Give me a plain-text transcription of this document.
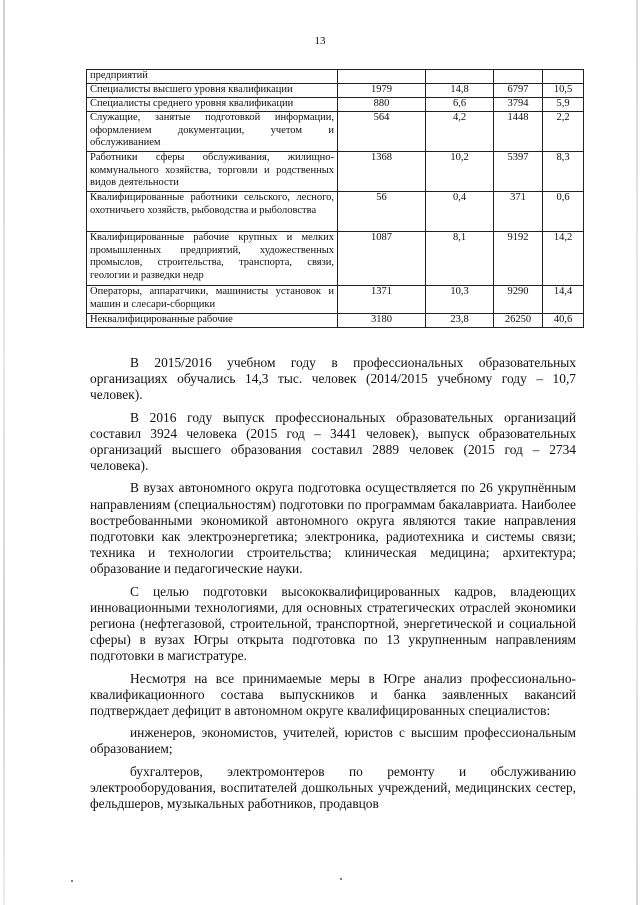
13
предприятий				
Специалисты высшего уровня квалификации	1979	14,8	6797	10,5
Специалисты среднего уровня квалификации	880	6,6	3794	5,9
Служащие, занятые подготовкой информации, оформлением документации, учетом и обслуживанием	564	4,2	1448	2,2
Работники сферы обслуживания, жилищно-коммунального хозяйства, торговли и родственных видов деятельности	1368	10,2	5397	8,3
Квалифицированные работники сельского, лесного, охотничьего хозяйств, рыбоводства и рыболовства	56	0,4	371	0,6
Квалифицированные рабочие крупных и мелких промышленных предприятий, художественных промыслов, строительства, транспорта, связи, геологии и разведки недр	1087	8,1	9192	14,2
Операторы, аппаратчики, машинисты установок и машин и слесари-сборщики	1371	10,3	9290	14,4
Неквалифицированные рабочие	3180	23,8	26250	40,6

В 2015/2016 учебном году в профессиональных образовательных организациях обучались 14,3 тыс. человек (2014/2015 учебному году – 10,7 человек).

В 2016 году выпуск профессиональных образовательных организаций составил 3924 человека (2015 год – 3441 человек), выпуск образовательных организаций высшего образования составил 2889 человек (2015 год – 2734 человека).

В вузах автономного округа подготовка осуществляется по 26 укрупнённым направлениям (специальностям) подготовки по программам бакалавриата. Наиболее востребованными экономикой автономного округа являются такие направления подготовки как электроэнергетика; электроника, радиотехника и системы связи; техника и технологии строительства; клиническая медицина; архитектура; образование и педагогические науки.

С целью подготовки высококвалифицированных кадров, владеющих инновационными технологиями, для основных стратегических отраслей экономики региона (нефтегазовой, строительной, транспортной, энергетической и социальной сферы) в вузах Югры открыта подготовка по 13 укрупненным направлениям подготовки в магистратуре.

Несмотря на все принимаемые меры в Югре анализ профессионально-квалификационного состава выпускников и банка заявленных вакансий подтверждает дефицит в автономном округе квалифицированных специалистов:

инженеров, экономистов, учителей, юристов с высшим профессиональным образованием;

бухгалтеров, электромонтеров по ремонту и обслуживанию электрооборудования, воспитателей дошкольных учреждений, медицинских сестер, фельдшеров, музыкальных работников, продавцов
